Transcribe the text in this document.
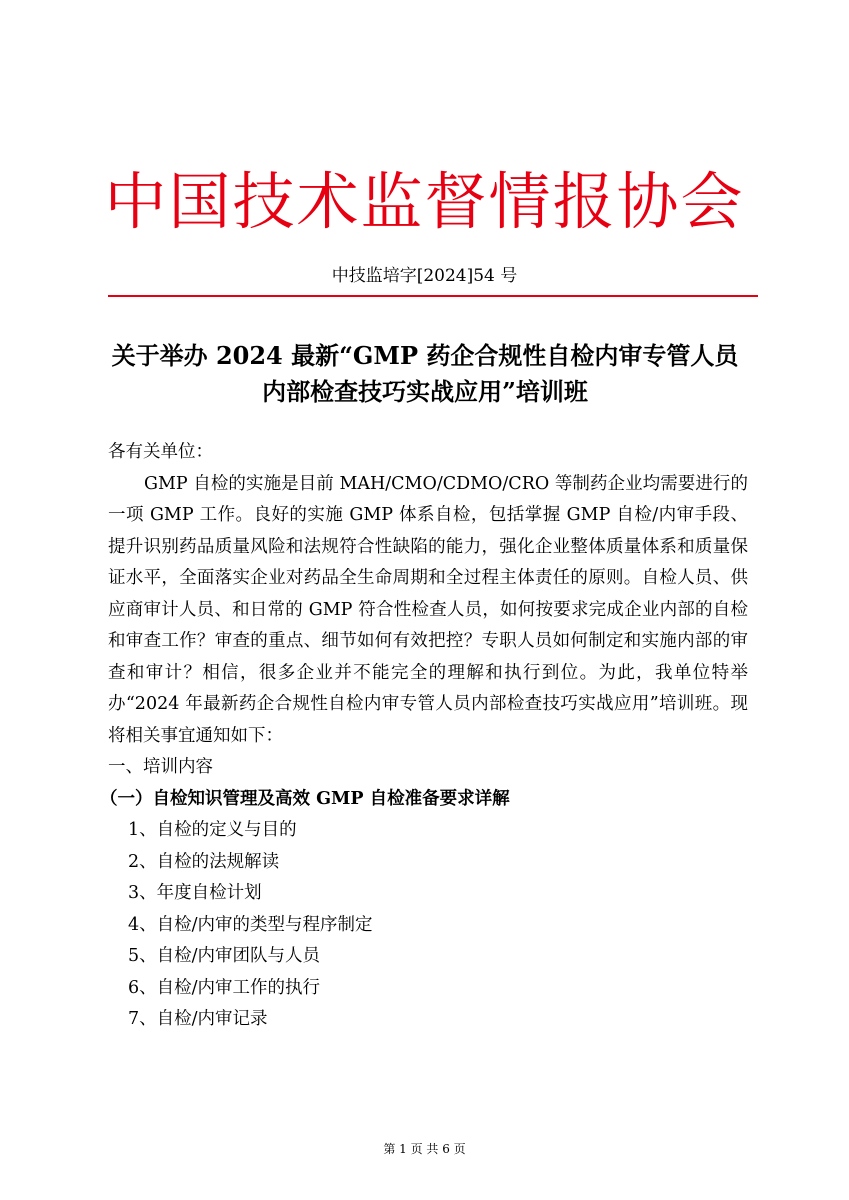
中国技术监督情报协会
中技监培字[2024]54 号
关于举办 2024 最新“GMP 药企合规性自检内审专管人员内部检查技巧实战应用”培训班

各有关单位：

GMP 自检的实施是目前 MAH/CMO/CDMO/CRO 等制药企业均需要进行的一项 GMP 工作。良好的实施 GMP 体系自检，包括掌握 GMP 自检/内审手段、提升识别药品质量风险和法规符合性缺陷的能力，强化企业整体质量体系和质量保证水平，全面落实企业对药品全生命周期和全过程主体责任的原则。自检人员、供应商审计人员、和日常的 GMP 符合性检查人员，如何按要求完成企业内部的自检和审查工作？审查的重点、细节如何有效把控？专职人员如何制定和实施内部的审查和审计？相信，很多企业并不能完全的理解和执行到位。为此，我单位特举办“2024 年最新药企合规性自检内审专管人员内部检查技巧实战应用”培训班。现将相关事宜通知如下：

一、培训内容

（一）自检知识管理及高效 GMP 自检准备要求详解

1、自检的定义与目的
2、自检的法规解读
3、年度自检计划
4、自检/内审的类型与程序制定
5、自检/内审团队与人员
6、自检/内审工作的执行
7、自检/内审记录
第 1 页 共 6 页
